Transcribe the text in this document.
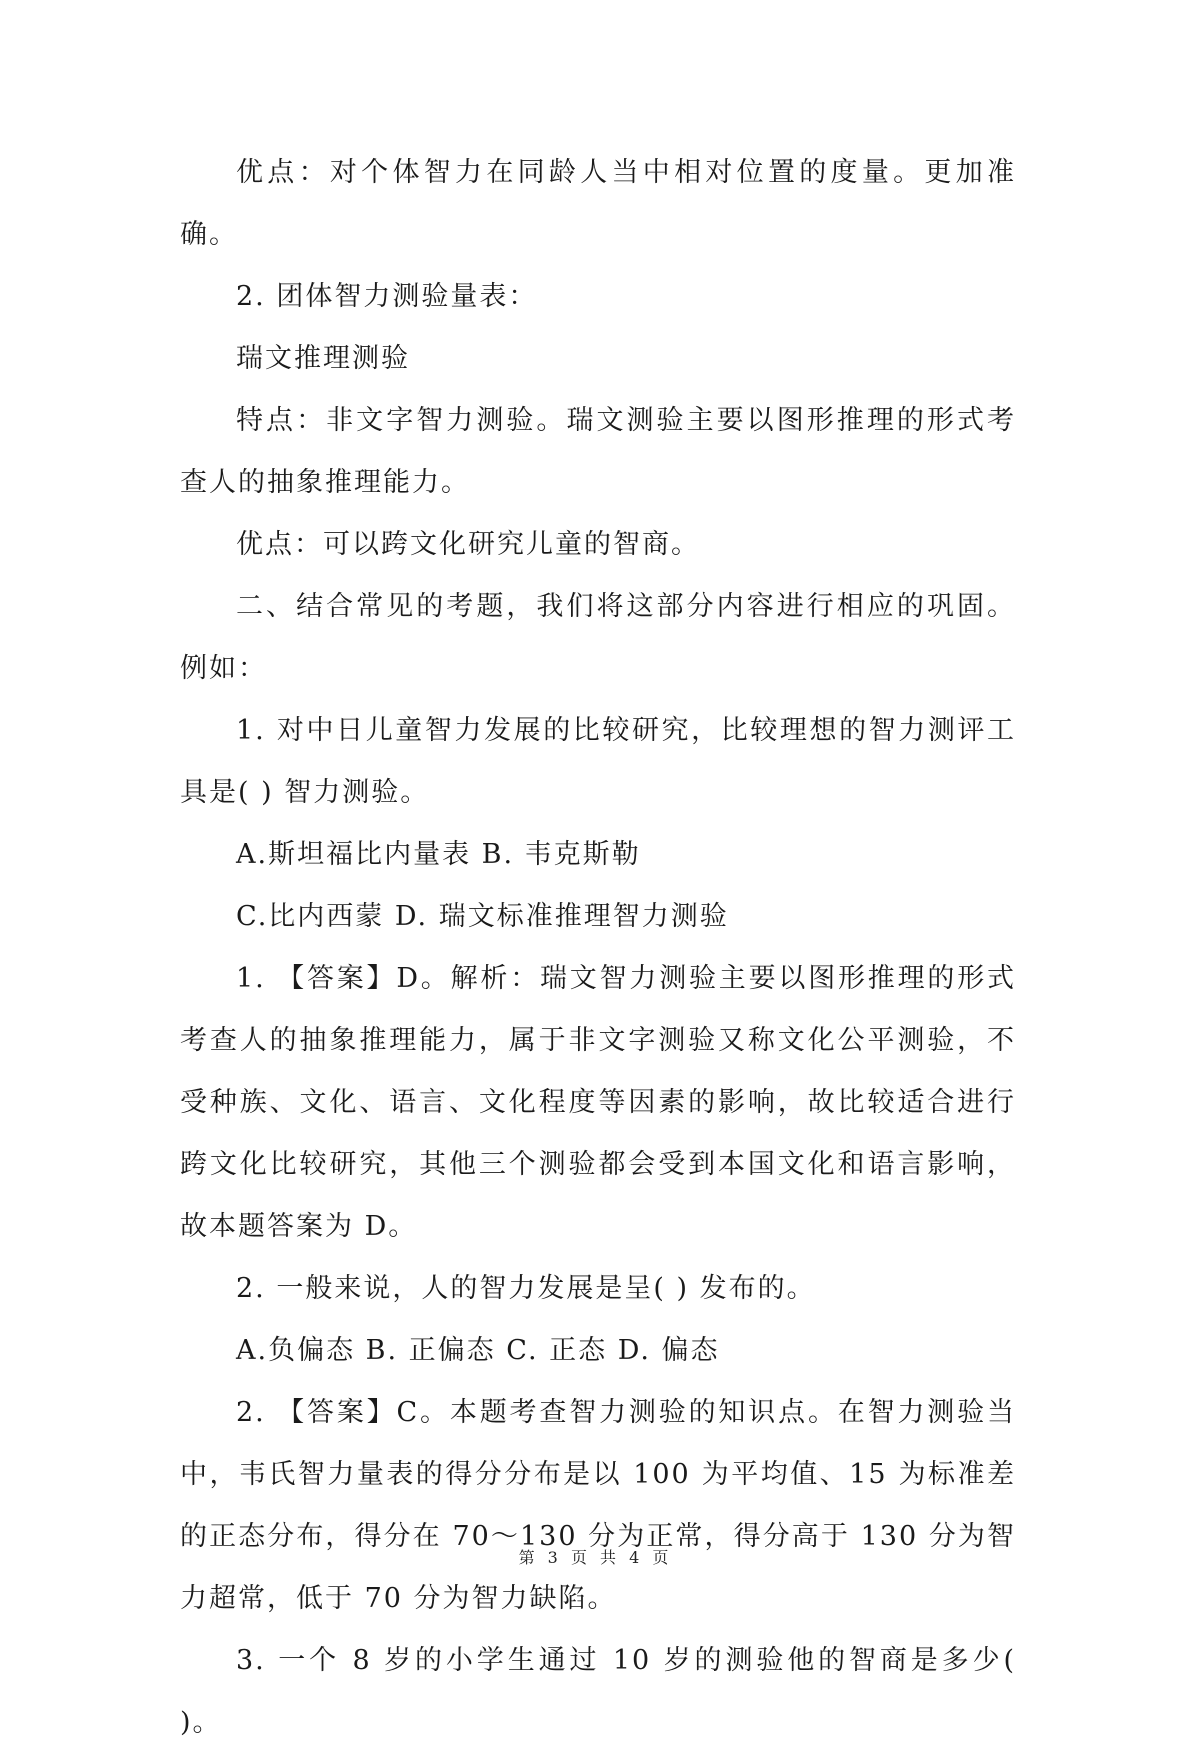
优点：对个体智力在同龄人当中相对位置的度量。更加准确。

2. 团体智力测验量表：

瑞文推理测验

特点：非文字智力测验。瑞文测验主要以图形推理的形式考查人的抽象推理能力。

优点：可以跨文化研究儿童的智商。

二、结合常见的考题，我们将这部分内容进行相应的巩固。例如：

1. 对中日儿童智力发展的比较研究，比较理想的智力测评工具是( ) 智力测验。

A.斯坦福比内量表 B. 韦克斯勒

C.比内西蒙 D. 瑞文标准推理智力测验

1. 【答案】D。解析：瑞文智力测验主要以图形推理的形式考查人的抽象推理能力，属于非文字测验又称文化公平测验，不受种族、文化、语言、文化程度等因素的影响，故比较适合进行跨文化比较研究，其他三个测验都会受到本国文化和语言影响，故本题答案为 D。

2. 一般来说，人的智力发展是呈( ) 发布的。

A.负偏态 B. 正偏态 C. 正态 D. 偏态

2. 【答案】C。本题考查智力测验的知识点。在智力测验当中，韦氏智力量表的得分分布是以 100 为平均值、15 为标准差的正态分布，得分在 70～130 分为正常，得分高于 130 分为智力超常，低于 70 分为智力缺陷。

3. 一个 8 岁的小学生通过 10 岁的测验他的智商是多少( )。

第 3 页 共 4 页
